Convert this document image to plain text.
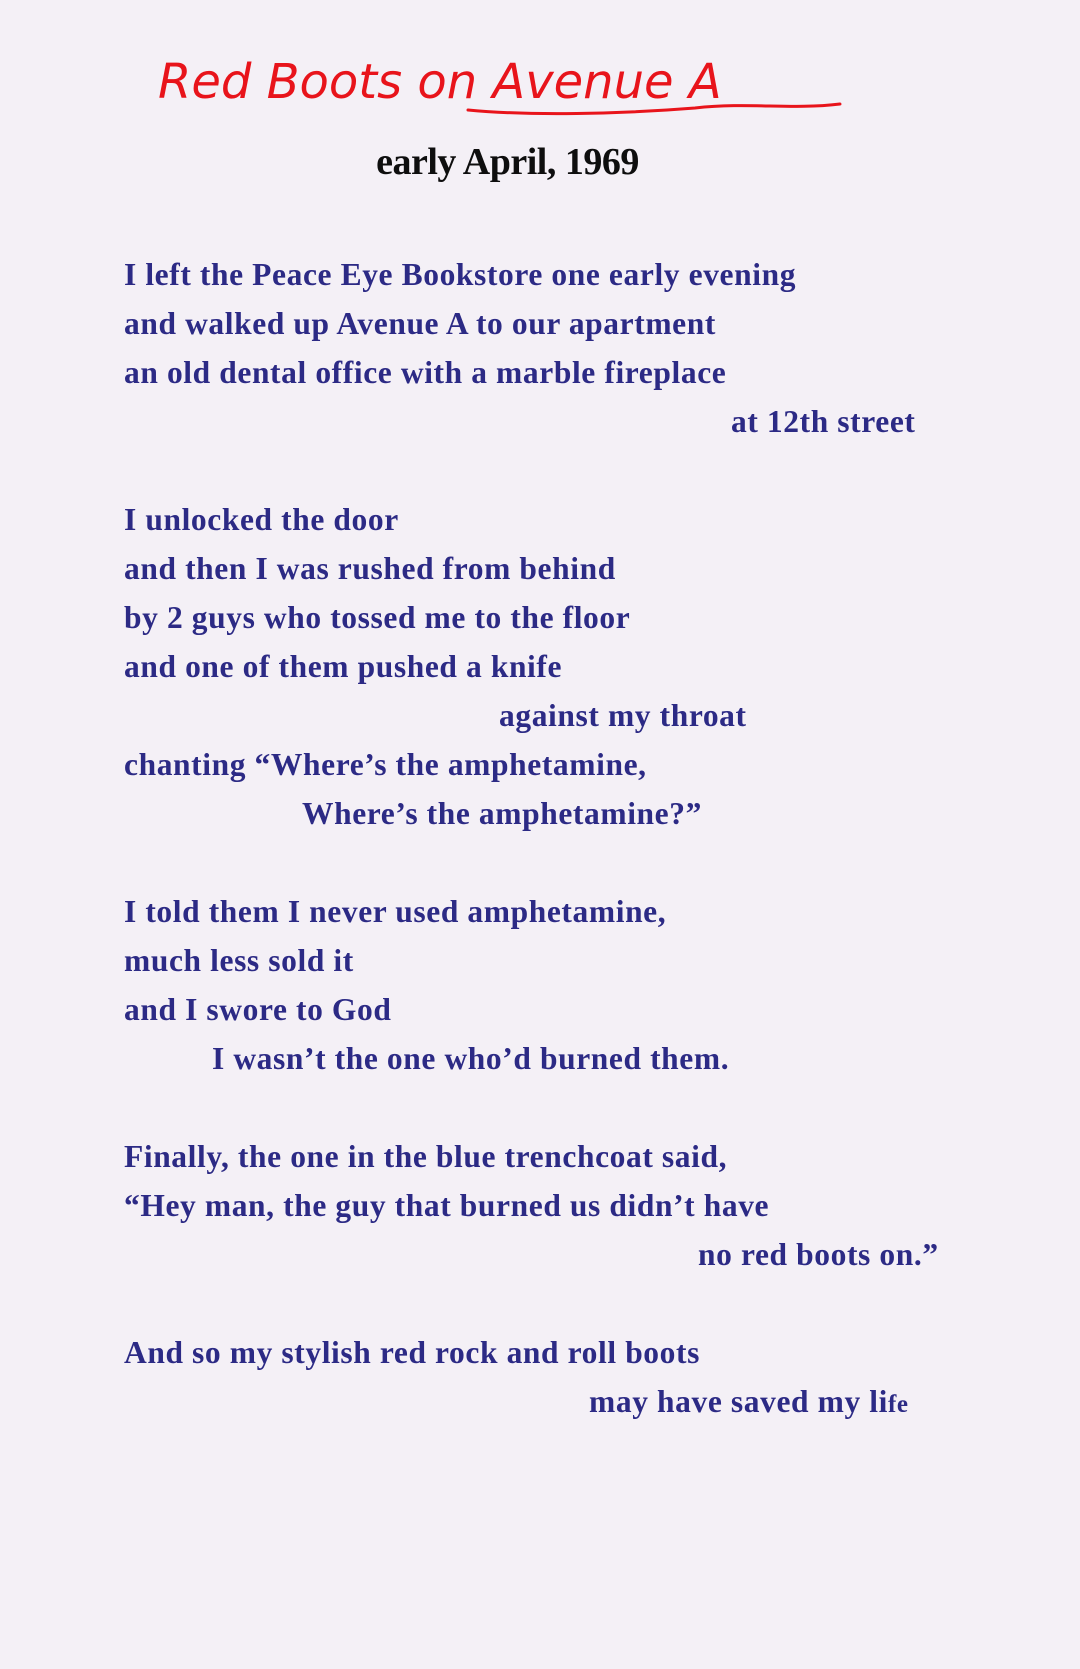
Red Boots on Avenue A
early April, 1969
I left the Peace Eye Bookstore one early evening
and walked up Avenue A to our apartment
an old dental office with a marble fireplace
at 12th street
I unlocked the door
and then I was rushed from behind
by 2 guys who tossed me to the floor
and one of them pushed a knife
against my throat
chanting “Where’s the amphetamine,
Where’s the amphetamine?”
I told them I never used amphetamine,
much less sold it
and I swore to God
I wasn’t the one who’d burned them.
Finally, the one in the blue trenchcoat said,
“Hey man, the guy that burned us didn’t have
no red boots on.”
And so my stylish red rock and roll boots
may have saved my life
